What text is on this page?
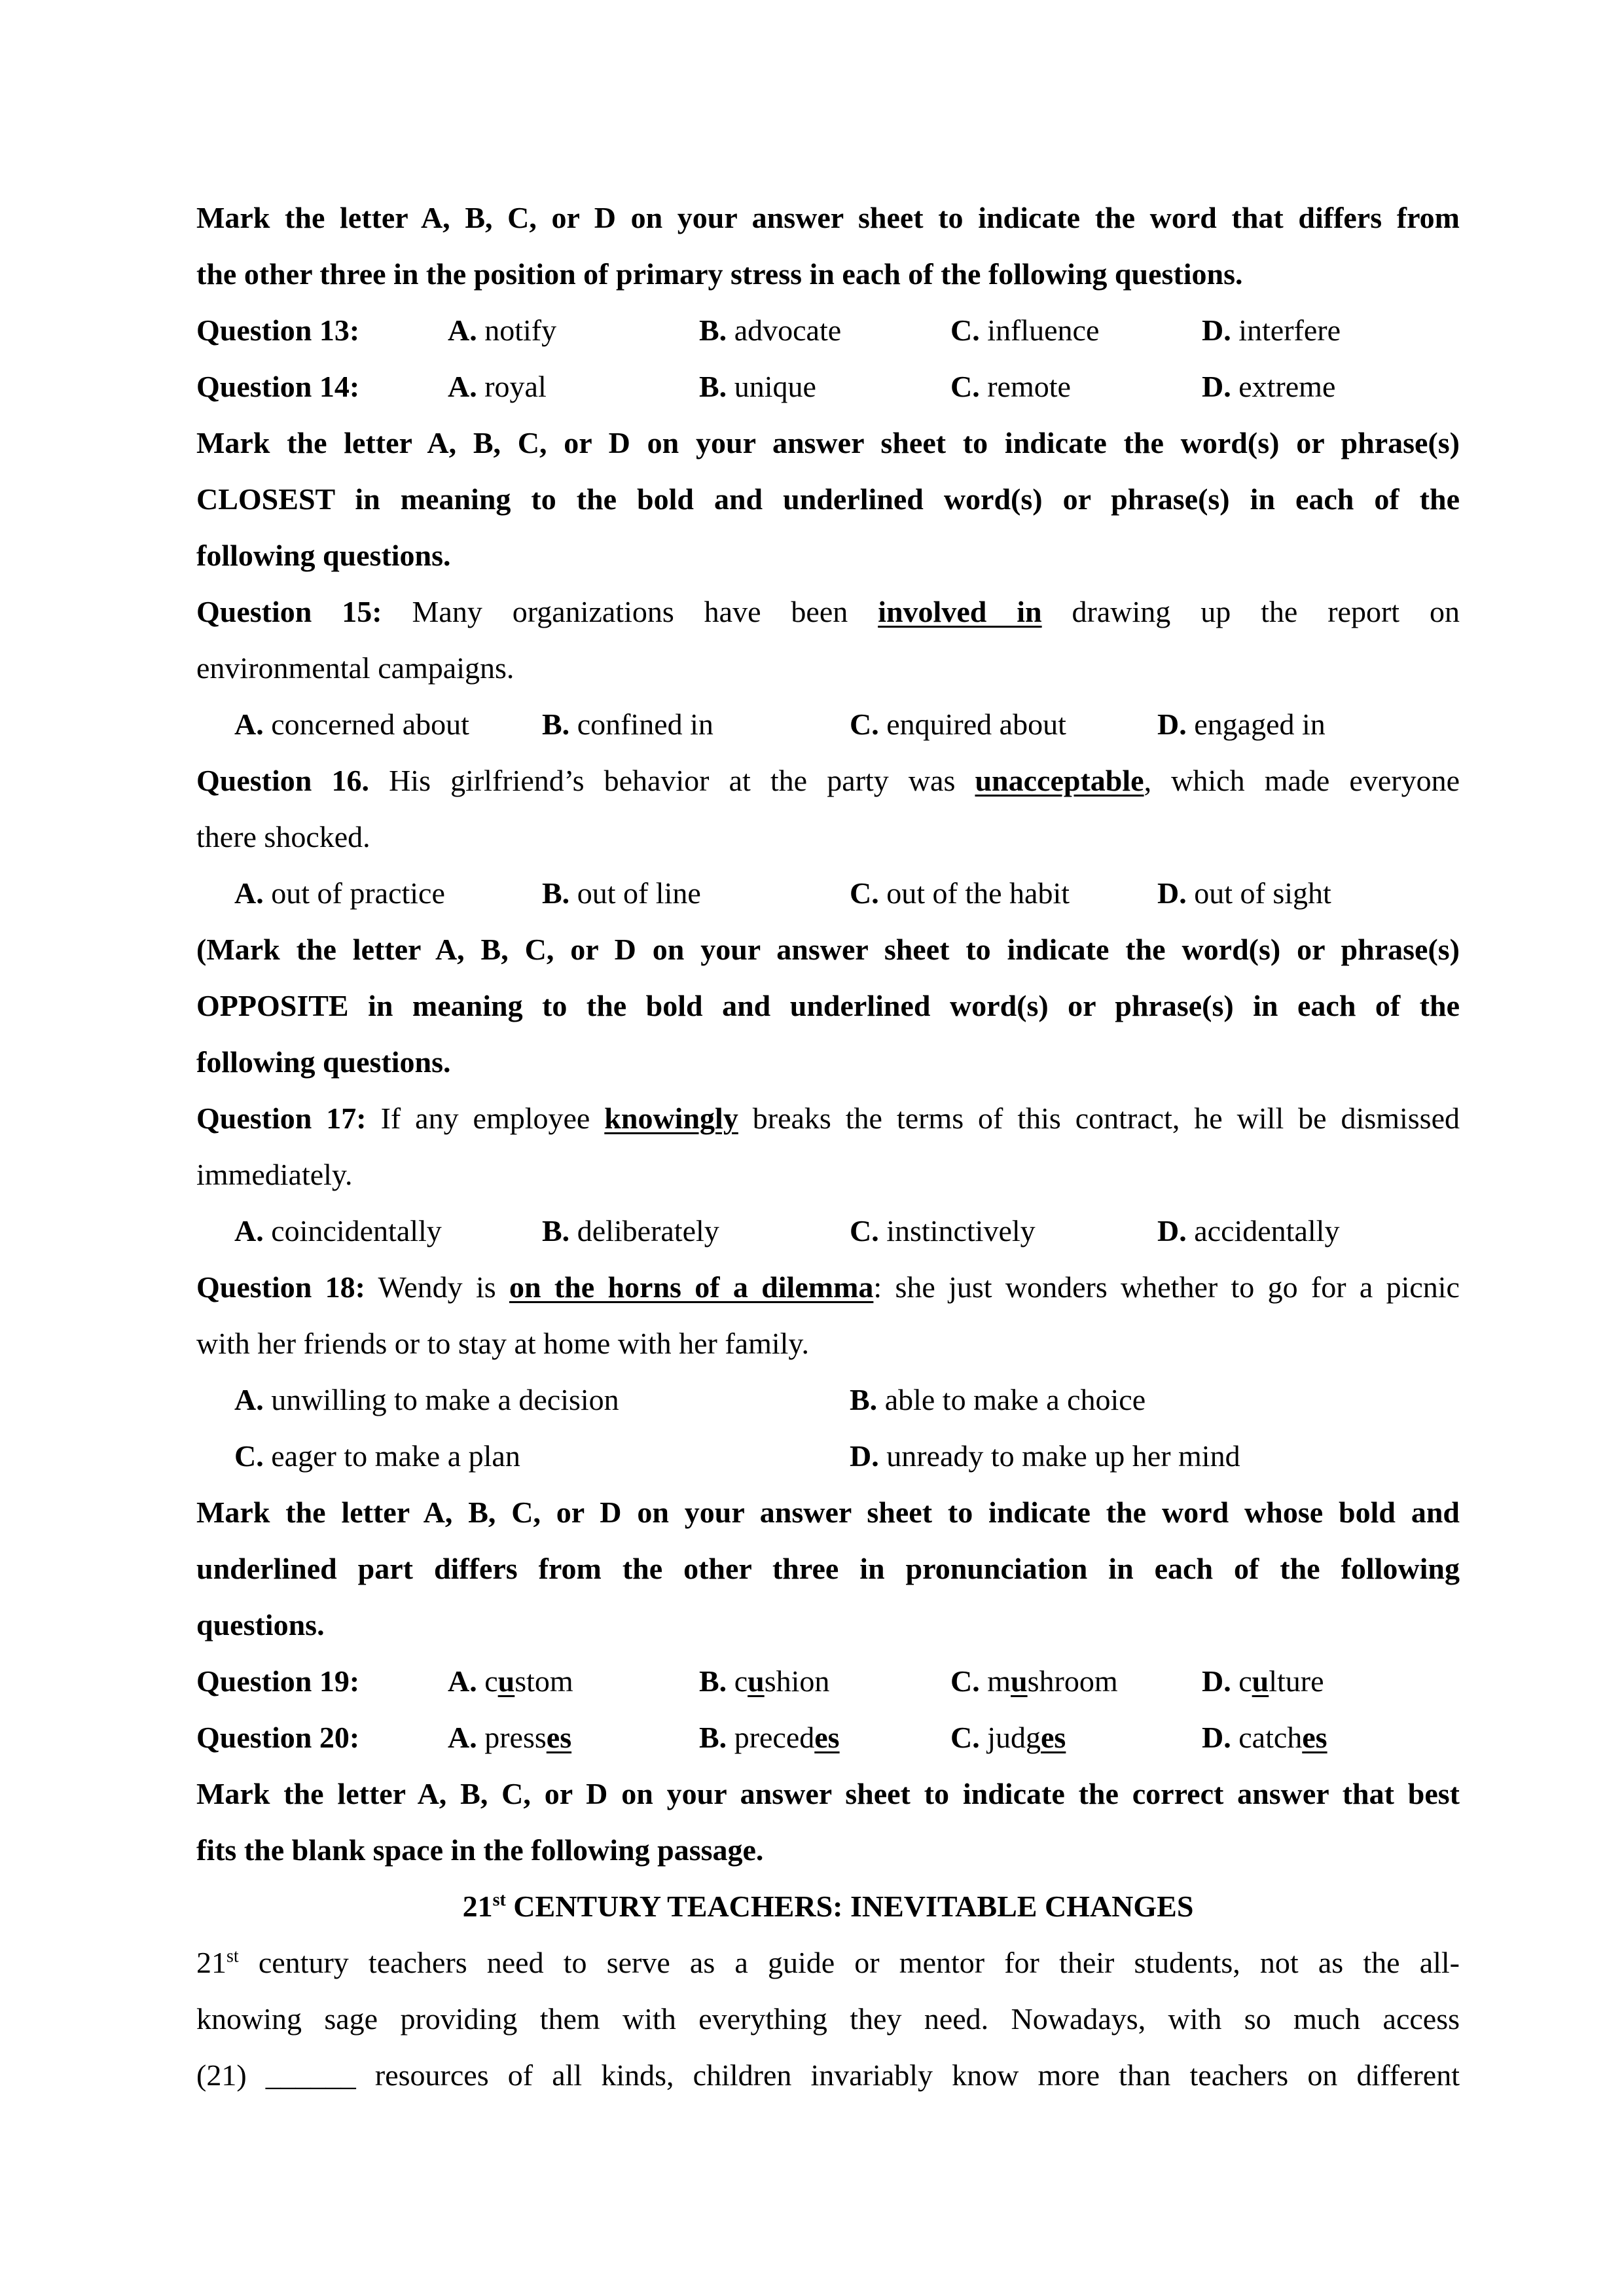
Mark the letter A, B, C, or D on your answer sheet to indicate the word that differs from
the other three in the position of primary stress in each of the following questions.
Question 13:	A. notify	B. advocate	C. influence	D. interfere
Question 14:	A. royal	B. unique	C. remote	D. extreme
Mark the letter A, B, C, or D on your answer sheet to indicate the word(s) or phrase(s)
CLOSEST in meaning to the bold and underlined word(s) or phrase(s) in each of the
following questions.
Question 15: Many organizations have been involved in drawing up the report on
environmental campaigns.
A. concerned about B. confined in	C. enquired about	D. engaged in
Question 16. His girlfriend’s behavior at the party was unacceptable, which made everyone
there shocked.
A. out of practice	B. out of line	C. out of the habit	D. out of sight
(Mark the letter A, B, C, or D on your answer sheet to indicate the word(s) or phrase(s)
OPPOSITE in meaning to the bold and underlined word(s) or phrase(s) in each of the
following questions.
Question 17: If any employee knowingly breaks the terms of this contract, he will be dismissed
immediately.
A. coincidentally	B. deliberately	C. instinctively	D. accidentally
Question 18: Wendy is on the horns of a dilemma: she just wonders whether to go for a picnic
with her friends or to stay at home with her family.
A. unwilling to make a decision	B. able to make a choice
C. eager to make a plan	D. unready to make up her mind
Mark the letter A, B, C, or D on your answer sheet to indicate the word whose bold and
underlined part differs from the other three in pronunciation in each of the following
questions.
Question 19:	A. custom	B. cushion	C. mushroom	D. culture
Question 20:	A. presses	B. precedes	C. judges	D. catches
Mark the letter A, B, C, or D on your answer sheet to indicate the correct answer that best
fits the blank space in the following passage.
21st CENTURY TEACHERS: INEVITABLE CHANGES
21st century teachers need to serve as a guide or mentor for their students, not as the all-
knowing sage providing them with everything they need. Nowadays, with so much access
(21) ______ resources of all kinds, children invariably know more than teachers on different
